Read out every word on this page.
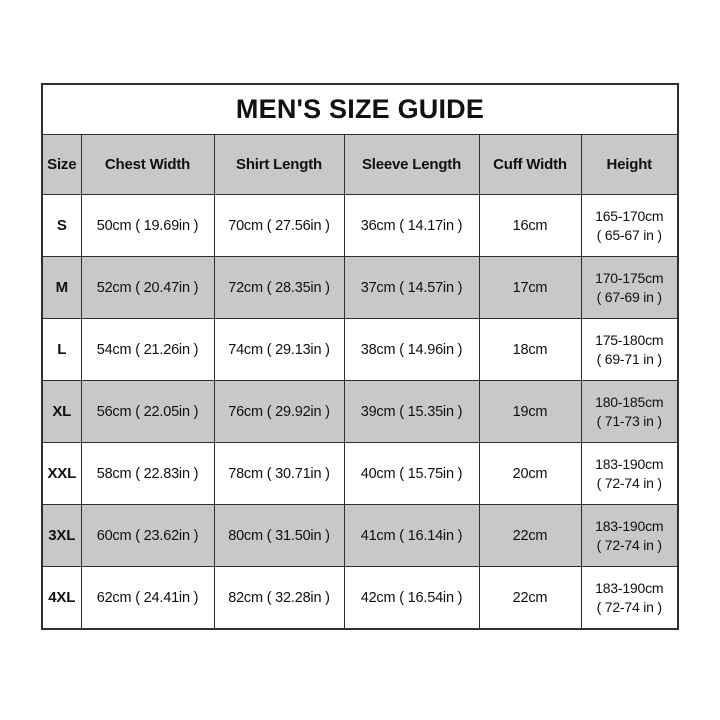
MEN'S SIZE GUIDE					
Size	Chest Width	Shirt Length	Sleeve Length	Cuff Width	Height
S	50cm ( 19.69in )	70cm ( 27.56in )	36cm ( 14.17in )	16cm	165-170cm
( 65-67 in )

M	52cm ( 20.47in )	72cm ( 28.35in )	37cm ( 14.57in )	17cm	170-175cm
( 67-69 in )

L	54cm ( 21.26in )	74cm ( 29.13in )	38cm ( 14.96in )	18cm	175-180cm
( 69-71 in )

XL	56cm ( 22.05in )	76cm ( 29.92in )	39cm ( 15.35in )	19cm	180-185cm
( 71-73 in )

XXL	58cm ( 22.83in )	78cm ( 30.71in )	40cm ( 15.75in )	20cm	183-190cm
( 72-74 in )

3XL	60cm ( 23.62in )	80cm ( 31.50in )	41cm ( 16.14in )	22cm	183-190cm
( 72-74 in )

4XL	62cm ( 24.41in )	82cm ( 32.28in )	42cm ( 16.54in )	22cm	183-190cm
( 72-74 in )
